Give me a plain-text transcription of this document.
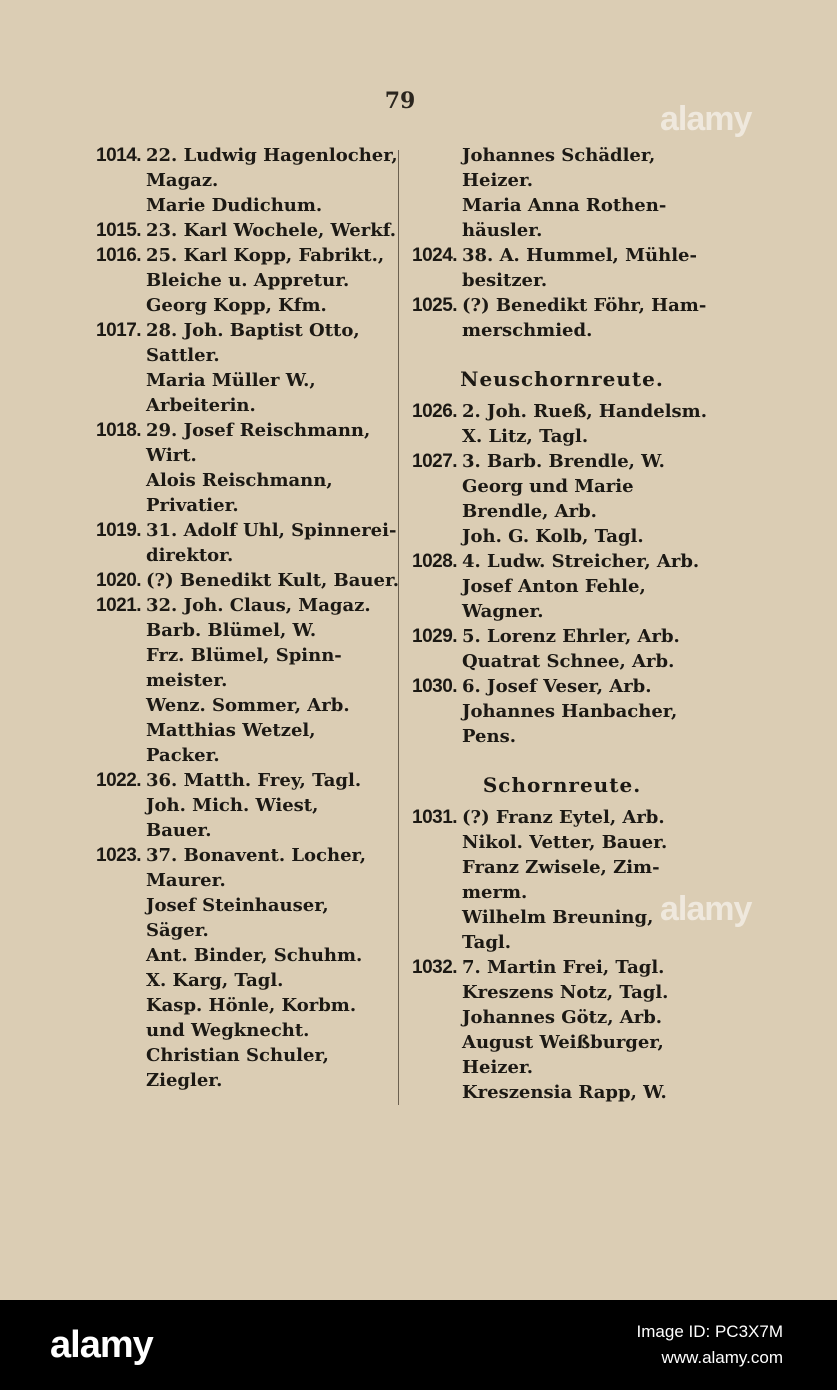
79
1014. 22. Ludwig Hagenlocher,
Magaz.
Marie Dudichum.
1015. 23. Karl Wochele, Werkf.
1016. 25. Karl Kopp, Fabrikt.,
Bleiche u. Appretur.
Georg Kopp, Kfm.
1017. 28. Joh. Baptist Otto,
Sattler.
Maria Müller W.,
Arbeiterin.
1018. 29. Josef Reischmann,
Wirt.
Alois Reischmann,
Privatier.
1019. 31. Adolf Uhl, Spinnerei-
direktor.
1020. (?) Benedikt Kult, Bauer.
1021. 32. Joh. Claus, Magaz.
Barb. Blümel, W.
Frz. Blümel, Spinn-
meister.
Wenz. Sommer, Arb.
Matthias Wetzel,
Packer.
1022. 36. Matth. Frey, Tagl.
Joh. Mich. Wiest,
Bauer.
1023. 37. Bonavent. Locher,
Maurer.
Josef Steinhauser,
Säger.
Ant. Binder, Schuhm.
X. Karg, Tagl.
Kasp. Hönle, Korbm.
und Wegknecht.
Christian Schuler,
Ziegler.
Johannes Schädler,
Heizer.
Maria Anna Rothen-
häusler.
1024. 38. A. Hummel, Mühle-
besitzer.
1025. (?) Benedikt Föhr, Ham-
merschmied.
Neuschornreute.
1026. 2. Joh. Rueß, Handelsm.
X. Litz, Tagl.
1027. 3. Barb. Brendle, W.
Georg und Marie
Brendle, Arb.
Joh. G. Kolb, Tagl.
1028. 4. Ludw. Streicher, Arb.
Josef Anton Fehle,
Wagner.
1029. 5. Lorenz Ehrler, Arb.
Quatrat Schnee, Arb.
1030. 6. Josef Veser, Arb.
Johannes Hanbacher,
Pens.
Schornreute.
1031. (?) Franz Eytel, Arb.
Nikol. Vetter, Bauer.
Franz Zwisele, Zim-
merm.
Wilhelm Breuning,
Tagl.
1032. 7. Martin Frei, Tagl.
Kreszens Notz, Tagl.
Johannes Götz, Arb.
August Weißburger,
Heizer.
Kreszensia Rapp, W.
alamy
alamy
alamy	Image ID: PC3X7M
www.alamy.com
